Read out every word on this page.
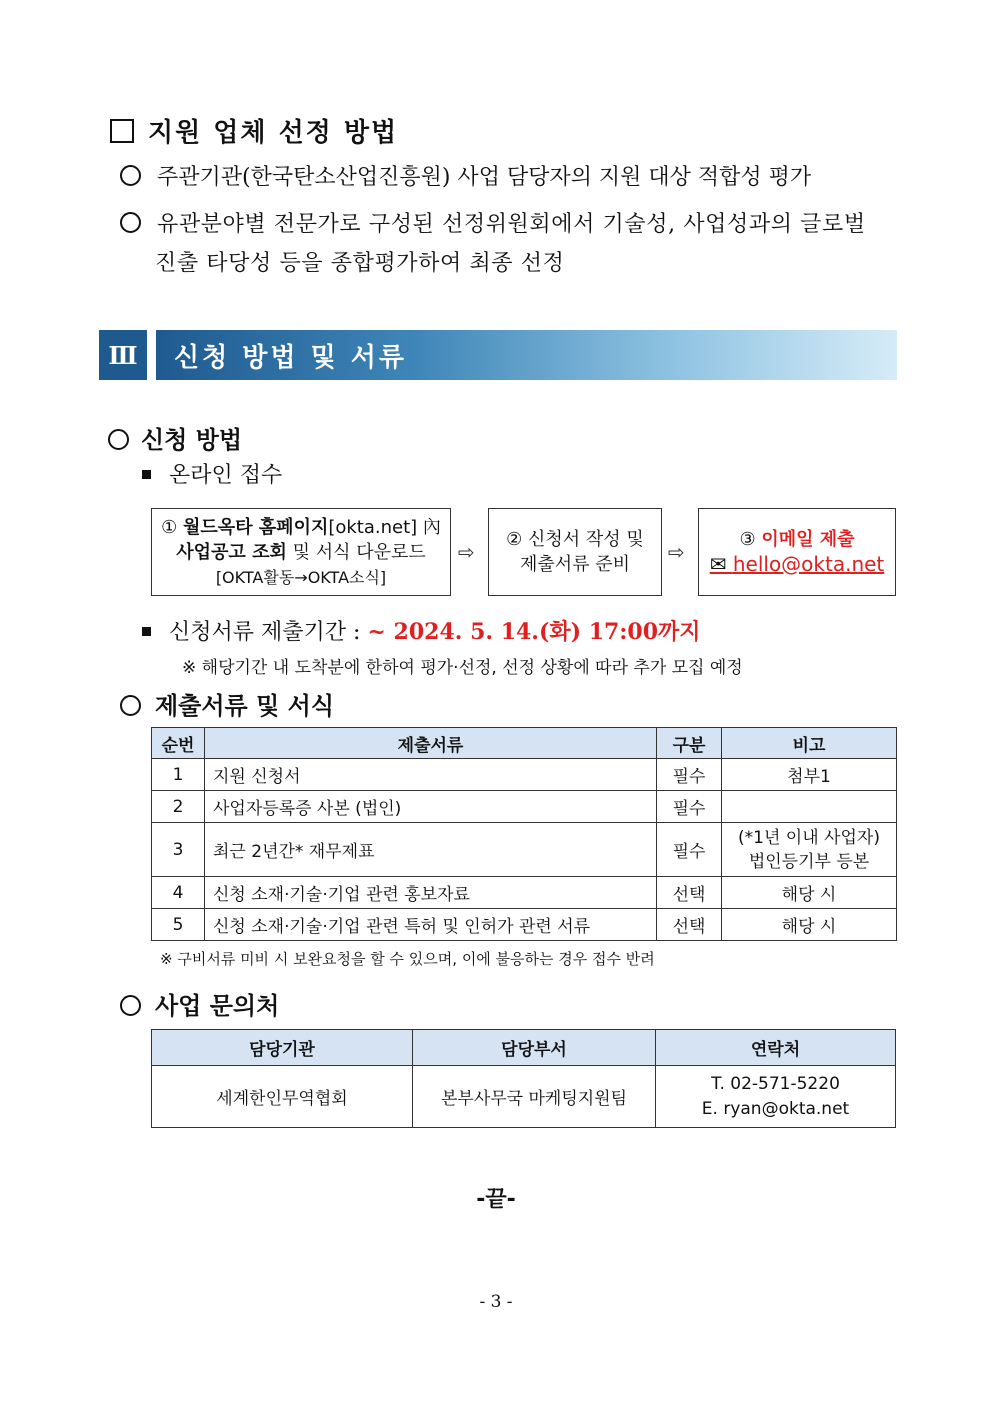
지원 업체 선정 방법
주관기관(한국탄소산업진흥원) 사업 담당자의 지원 대상 적합성 평가
유관분야별 전문가로 구성된 선정위원회에서 기술성, 사업성과의 글로벌
진출 타당성 등을 종합평가하여 최종 선정
Ⅲ	신청 방법 및 서류
신청 방법
온라인 접수
① 월드옥타 홈페이지[okta.net] 內
사업공고 조회 및 서식 다운로드
[OKTA활동→OKTA소식]
⇨
② 신청서 작성 및
제출서류 준비
⇨
③ 이메일 제출
✉ hello@okta.net
신청서류 제출기간 : ~ 2024. 5. 14.(화) 17:00까지
※ 해당기간 내 도착분에 한하여 평가·선정, 선정 상황에 따라 추가 모집 예정
제출서류 및 서식
순번	제출서류	구분	비고
1	지원 신청서	필수	첨부1
2	사업자등록증 사본 (법인)	필수	
3	최근 2년간* 재무제표	필수	(*1년 이내 사업자)
법인등기부 등본

4	신청 소재·기술·기업 관련 홍보자료	선택	해당 시
5	신청 소재·기술·기업 관련 특허 및 인허가 관련 서류	선택	해당 시
※ 구비서류 미비 시 보완요청을 할 수 있으며, 이에 불응하는 경우 접수 반려
사업 문의처
담당기관	담당부서	연락처
세계한인무역협회	본부사무국 마케팅지원팀	T. 02-571-5220
E. ryan@okta.net
-끝-
- 3 -
